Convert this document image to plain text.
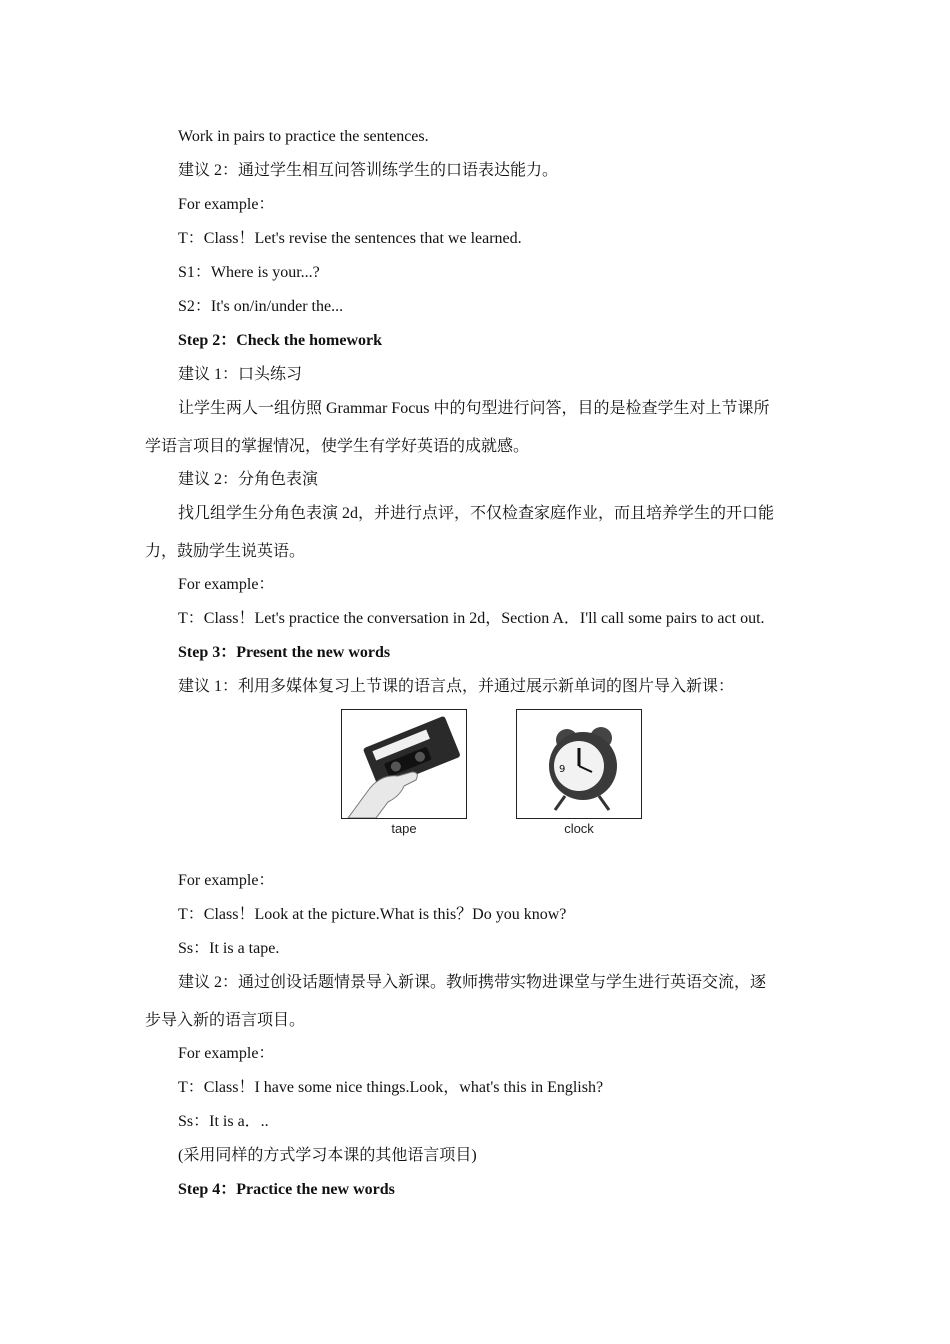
Work in pairs to practice the sentences.
建议 2：通过学生相互问答训练学生的口语表达能力。
For example：
T：Class！Let's revise the sentences that we learned.
S1：Where is your...?
S2：It's on/in/under the...
Step 2：Check the homework
建议 1：口头练习
让学生两人一组仿照 Grammar Focus 中的句型进行问答，目的是检查学生对上节课所
学语言项目的掌握情况，使学生有学好英语的成就感。
建议 2：分角色表演
找几组学生分角色表演 2d，并进行点评，不仅检查家庭作业，而且培养学生的开口能
力，鼓励学生说英语。
For example：
T：Class！Let's practice the conversation in 2d，Section A．I'll call some pairs to act out.
Step 3：Present the new words
建议 1：利用多媒体复习上节课的语言点，并通过展示新单词的图片导入新课：
tape
9
clock
For example：
T：Class！Look at the picture.What is this？Do you know?
Ss：It is a tape.
建议 2：通过创设话题情景导入新课。教师携带实物进课堂与学生进行英语交流，逐
步导入新的语言项目。
For example：
T：Class！I have some nice things.Look，what's this in English?
Ss：It is a．..
(采用同样的方式学习本课的其他语言项目)
Step 4：Practice the new words
